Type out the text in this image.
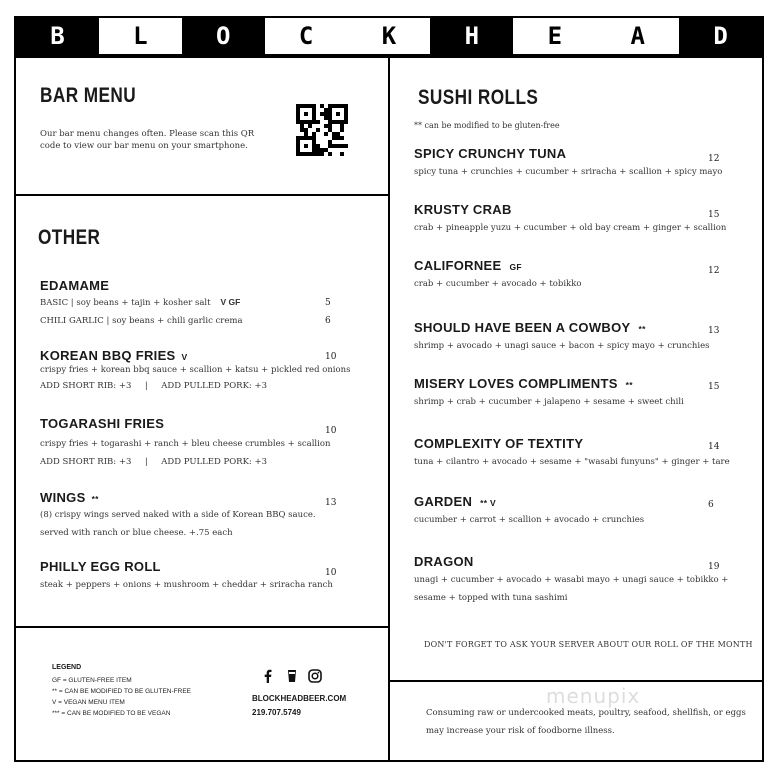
B	L	O	C	K	H	E	A	D
BAR MENU
Our bar menu changes often. Please scan this QR code to view our bar menu on your smartphone.
OTHER
EDAMAME
BASIC | soy beans + tajin + kosher salt V GF	5
CHILI GARLIC | soy beans + chili garlic crema	6
KOREAN BBQ FRIES V	10
crispy fries + korean bbq sauce + scallion + katsu + pickled red onions
ADD SHORT RIB: +3     |     ADD PULLED PORK: +3
TOGARASHI FRIES	10
crispy fries + togarashi + ranch + bleu cheese crumbles + scallion
ADD SHORT RIB: +3     |     ADD PULLED PORK: +3
WINGS **	13
(8) crispy wings served naked with a side of Korean BBQ sauce.
served with ranch or blue cheese. +.75 each
PHILLY EGG ROLL	10
steak + peppers + onions + mushroom + cheddar + sriracha ranch
LEGEND
GF = GLUTEN-FREE ITEM
** = CAN BE MODIFIED TO BE GLUTEN-FREE
V = VEGAN MENU ITEM
*** = CAN BE MODIFIED TO BE VEGAN
BLOCKHEADBEER.COM
219.707.5749
SUSHI ROLLS
** can be modified to be gluten-free
SPICY CRUNCHY TUNA	12
spicy tuna + crunchies + cucumber + sriracha + scallion + spicy mayo
KRUSTY CRAB	15
crab + pineapple yuzu + cucumber + old bay cream + ginger + scallion
CALIFORNEE GF	12
crab + cucumber + avocado + tobikko
SHOULD HAVE BEEN A COWBOY **	13
shrimp + avocado + unagi sauce + bacon + spicy mayo + crunchies
MISERY LOVES COMPLIMENTS **	15
shrimp + crab + cucumber + jalapeno + sesame + sweet chili
COMPLEXITY OF TEXTITY	14
tuna + cilantro + avocado + sesame + "wasabi funyuns" + ginger + tare
GARDEN ** V	6
cucumber + carrot + scallion + avocado + crunchies
DRAGON	19
unagi + cucumber + avocado + wasabi mayo + unagi sauce + tobikko +
sesame + topped with tuna sashimi
DON'T FORGET TO ASK YOUR SERVER ABOUT OUR ROLL OF THE MONTH
menupix
Consuming raw or undercooked meats, poultry, seafood, shellfish, or eggs
may increase your risk of foodborne illness.
